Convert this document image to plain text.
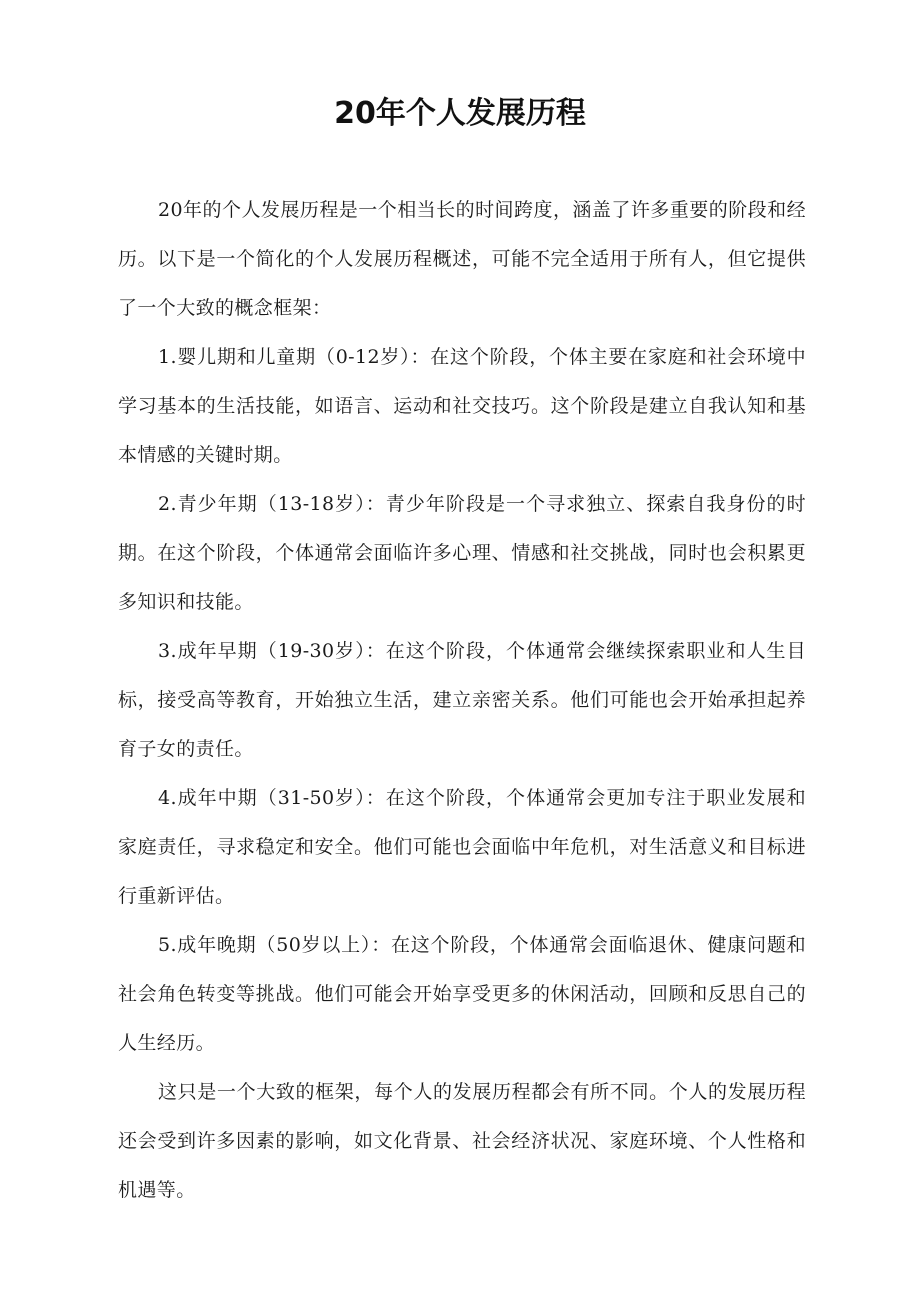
20年个人发展历程

20年的个人发展历程是一个相当长的时间跨度，涵盖了许多重要的阶段和经历。以下是一个简化的个人发展历程概述，可能不完全适用于所有人，但它提供了一个大致的概念框架：

1.婴儿期和儿童期（0-12岁）：在这个阶段，个体主要在家庭和社会环境中学习基本的生活技能，如语言、运动和社交技巧。这个阶段是建立自我认知和基本情感的关键时期。

2.青少年期（13-18岁）：青少年阶段是一个寻求独立、探索自我身份的时期。在这个阶段，个体通常会面临许多心理、情感和社交挑战，同时也会积累更多知识和技能。

3.成年早期（19-30岁）：在这个阶段，个体通常会继续探索职业和人生目标，接受高等教育，开始独立生活，建立亲密关系。他们可能也会开始承担起养育子女的责任。

4.成年中期（31-50岁）：在这个阶段，个体通常会更加专注于职业发展和家庭责任，寻求稳定和安全。他们可能也会面临中年危机，对生活意义和目标进行重新评估。

5.成年晚期（50岁以上）：在这个阶段，个体通常会面临退休、健康问题和社会角色转变等挑战。他们可能会开始享受更多的休闲活动，回顾和反思自己的人生经历。

这只是一个大致的框架，每个人的发展历程都会有所不同。个人的发展历程还会受到许多因素的影响，如文化背景、社会经济状况、家庭环境、个人性格和机遇等。
